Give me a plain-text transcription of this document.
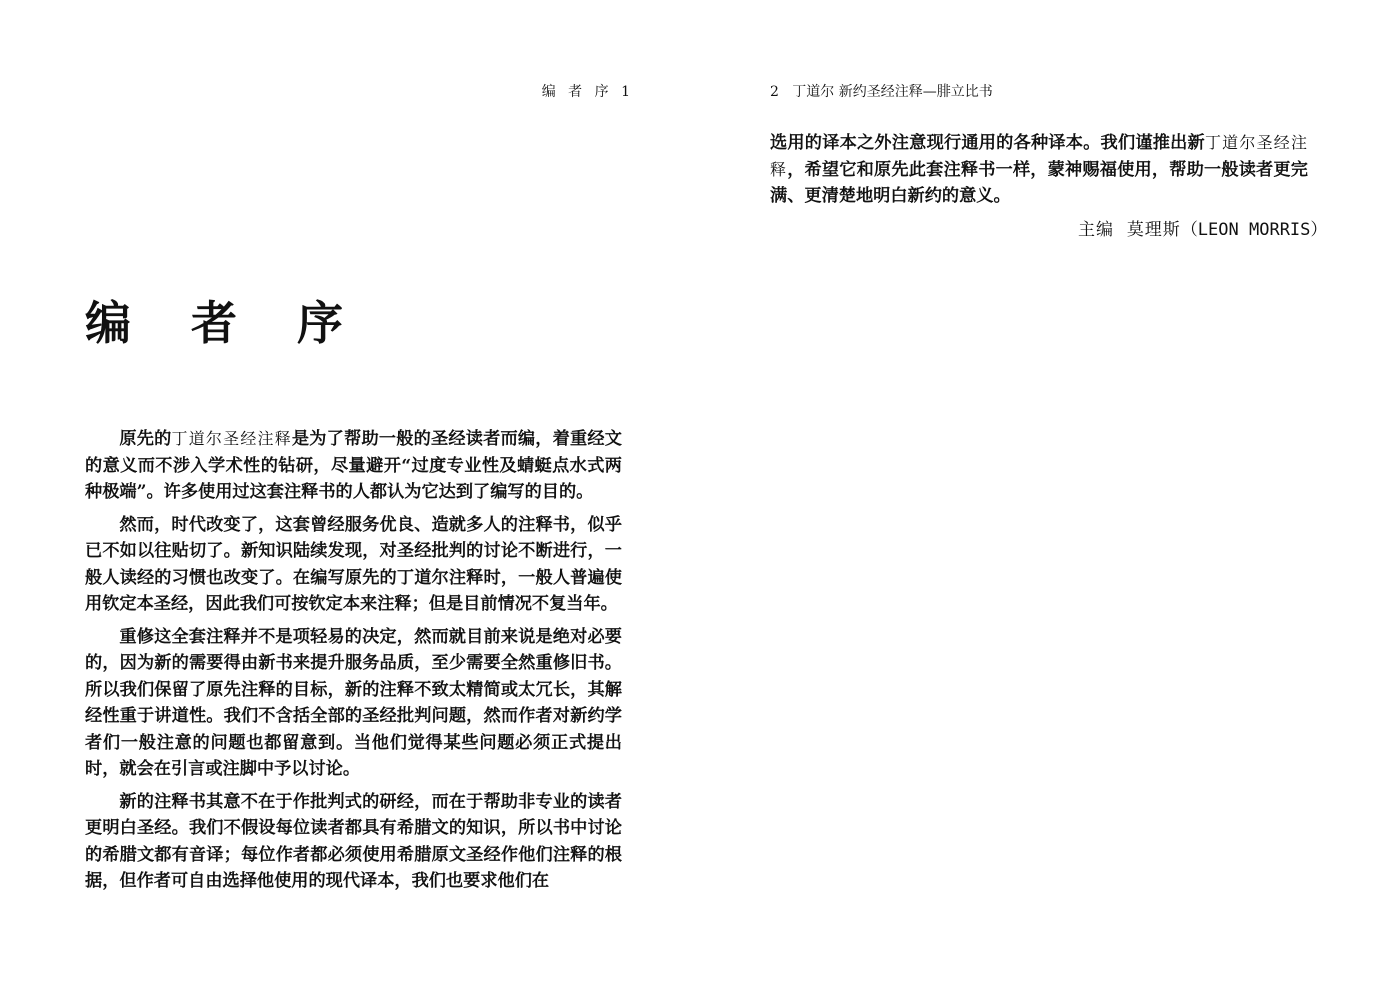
编 者 序 1
编 者 序

原先的丁道尔圣经注释是为了帮助一般的圣经读者而编，着重经文的意义而不涉入学术性的钻研，尽量避开“过度专业性及蜻蜓点水式两种极端”。许多使用过这套注释书的人都认为它达到了编写的目的。

然而，时代改变了，这套曾经服务优良、造就多人的注释书，似乎已不如以往贴切了。新知识陆续发现，对圣经批判的讨论不断进行，一般人读经的习惯也改变了。在编写原先的丁道尔注释时，一般人普遍使用钦定本圣经，因此我们可按钦定本来注释；但是目前情况不复当年。

重修这全套注释并不是项轻易的决定，然而就目前来说是绝对必要的，因为新的需要得由新书来提升服务品质，至少需要全然重修旧书。所以我们保留了原先注释的目标，新的注释不致太精简或太冗长，其解经性重于讲道性。我们不含括全部的圣经批判问题，然而作者对新约学者们一般注意的问题也都留意到。当他们觉得某些问题必须正式提出时，就会在引言或注脚中予以讨论。

新的注释书其意不在于作批判式的研经，而在于帮助非专业的读者更明白圣经。我们不假设每位读者都具有希腊文的知识，所以书中讨论的希腊文都有音译；每位作者都必须使用希腊原文圣经作他们注释的根据，但作者可自由选择他使用的现代译本，我们也要求他们在

2 丁道尔 新约圣经注释—腓立比书

选用的译本之外注意现行通用的各种译本。我们谨推出新丁道尔圣经注释，希望它和原先此套注释书一样，蒙神赐福使用，帮助一般读者更完满、更清楚地明白新约的意义。

主编 莫理斯（LEON MORRIS）
